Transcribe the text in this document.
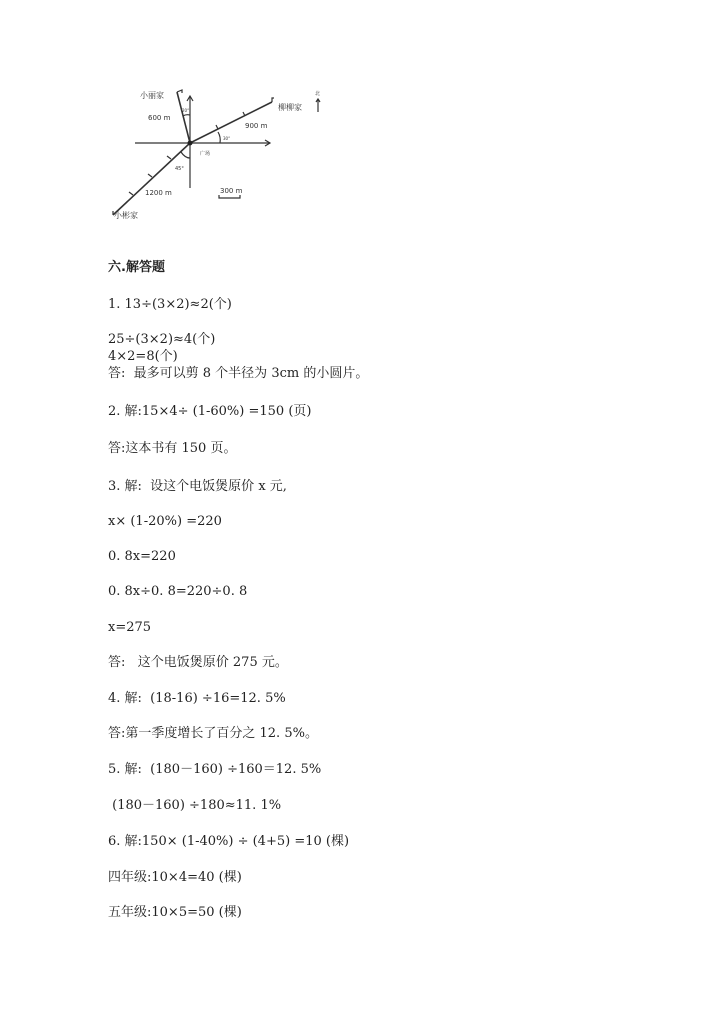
小丽家
柳柳家
小彬家
广场
北
600 m
900 m
1200 m	300 m
20°
30°
45°
六.解答题
1. 13÷(3×2)≈2(个)
25÷(3×2)≈4(个)
4×2=8(个)
答:  最多可以剪 8 个半径为 3cm 的小圆片。
2. 解:15×4÷ (1-60%) =150 (页)
答:这本书有 150 页。
3. 解:  设这个电饭煲原价 x 元,
x× (1-20%) =220
0. 8x=220
0. 8x÷0. 8=220÷0. 8
x=275
答:   这个电饭煲原价 275 元。
4. 解:  (18-16) ÷16=12. 5%
答:第一季度增长了百分之 12. 5%。
5. 解:  (180－160) ÷160＝12. 5%
(180－160) ÷180≈11. 1%
6. 解:150× (1-40%) ÷ (4+5) =10 (棵)
四年级:10×4=40 (棵)
五年级:10×5=50 (棵)
